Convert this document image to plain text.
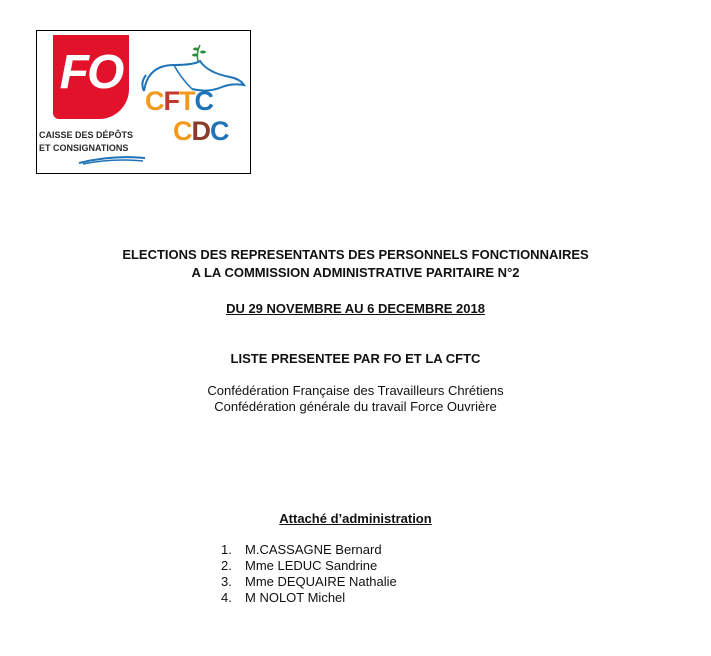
FO
CAISSE DES DÉPÔTS
ET CONSIGNATIONS
CFTC
CDC
ELECTIONS DES REPRESENTANTS DES PERSONNELS FONCTIONNAIRES
A LA COMMISSION ADMINISTRATIVE PARITAIRE N°2
DU 29 NOVEMBRE AU 6 DECEMBRE 2018
LISTE PRESENTEE PAR FO ET LA CFTC
Confédération Française des Travailleurs Chrétiens
Confédération générale du travail Force Ouvrière
Attaché d’administration
1. M.CASSAGNE Bernard
2. Mme LEDUC Sandrine
3. Mme DEQUAIRE Nathalie
4. M NOLOT Michel
